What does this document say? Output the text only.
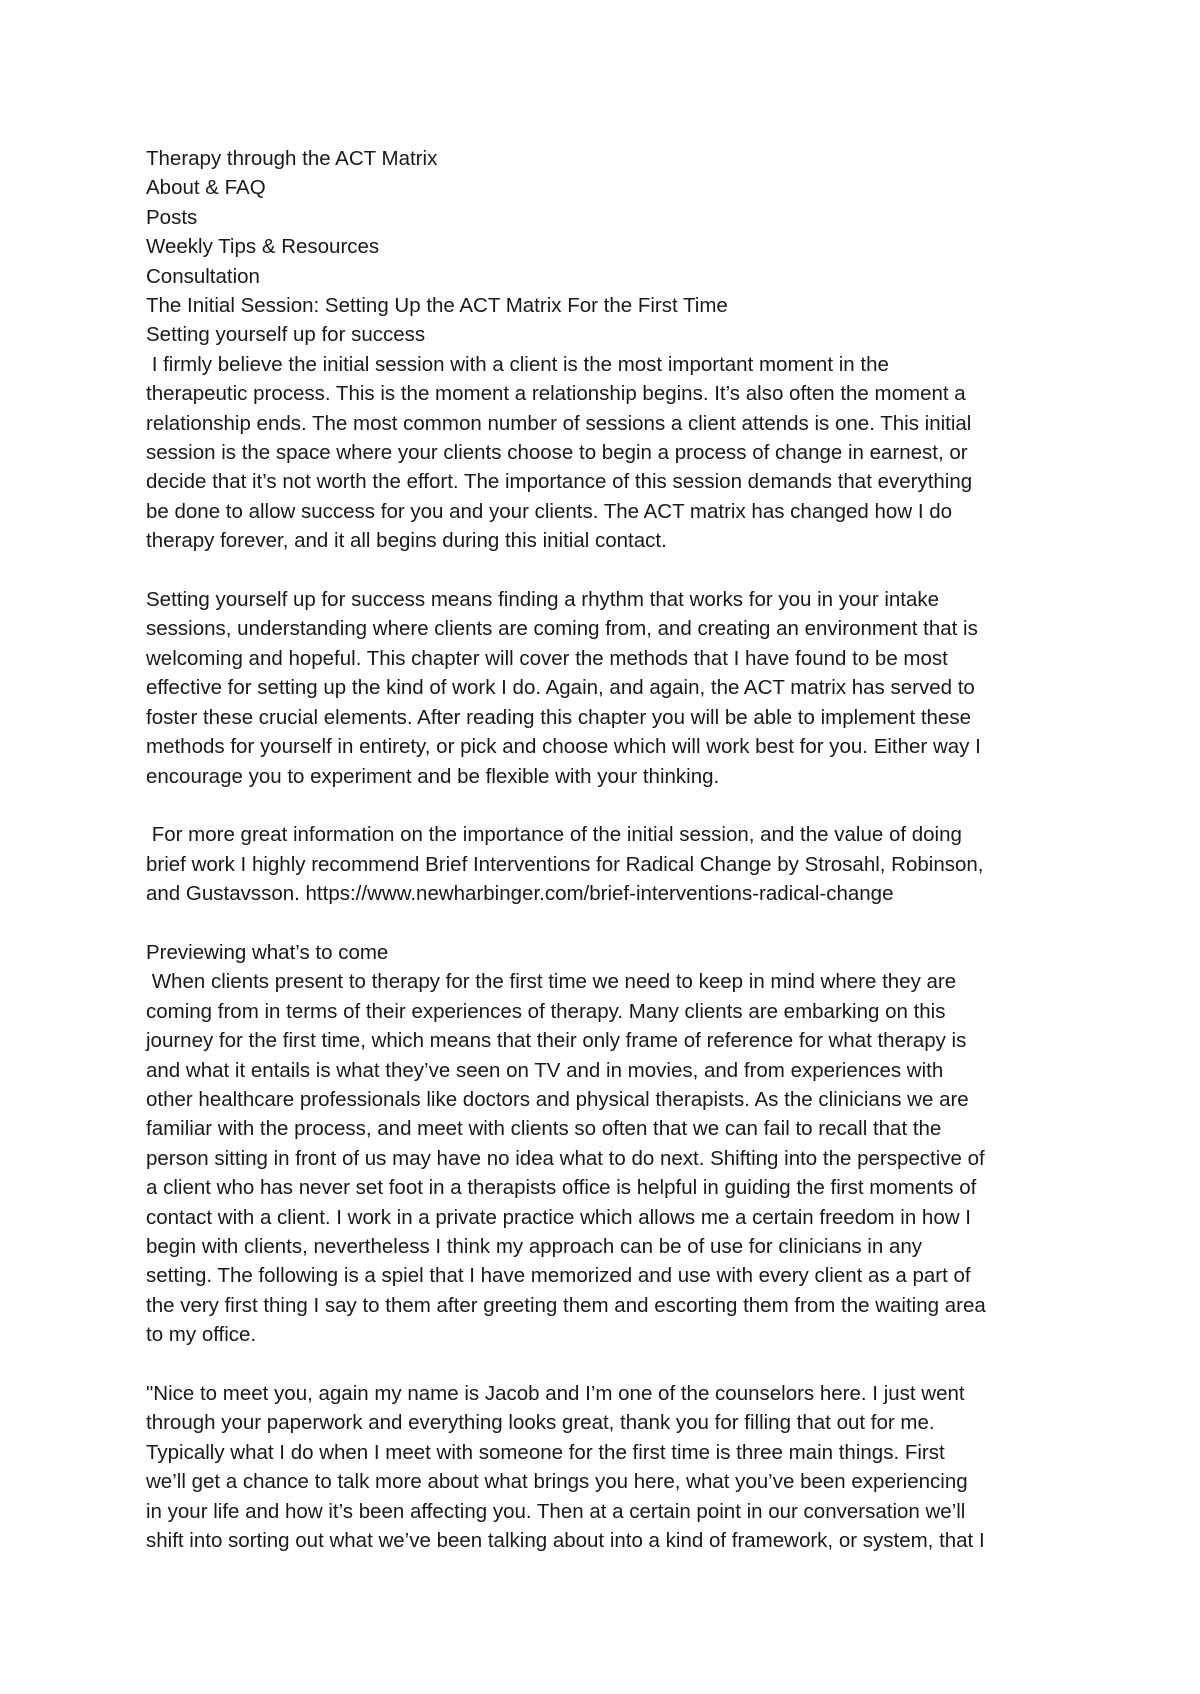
Therapy through the ACT Matrix
About & FAQ
Posts
Weekly Tips & Resources
Consultation
The Initial Session: Setting Up the ACT Matrix For the First Time
Setting yourself up for success
I firmly believe the initial session with a client is the most important moment in the
therapeutic process. This is the moment a relationship begins. It’s also often the moment a
relationship ends. The most common number of sessions a client attends is one. This initial
session is the space where your clients choose to begin a process of change in earnest, or
decide that it’s not worth the effort. The importance of this session demands that everything
be done to allow success for you and your clients. The ACT matrix has changed how I do
therapy forever, and it all begins during this initial contact.
Setting yourself up for success means finding a rhythm that works for you in your intake
sessions, understanding where clients are coming from, and creating an environment that is
welcoming and hopeful. This chapter will cover the methods that I have found to be most
effective for setting up the kind of work I do. Again, and again, the ACT matrix has served to
foster these crucial elements. After reading this chapter you will be able to implement these
methods for yourself in entirety, or pick and choose which will work best for you. Either way I
encourage you to experiment and be flexible with your thinking.
For more great information on the importance of the initial session, and the value of doing
brief work I highly recommend Brief Interventions for Radical Change by Strosahl, Robinson,
and Gustavsson. https://www.newharbinger.com/brief-interventions-radical-change
Previewing what’s to come
When clients present to therapy for the first time we need to keep in mind where they are
coming from in terms of their experiences of therapy. Many clients are embarking on this
journey for the first time, which means that their only frame of reference for what therapy is
and what it entails is what they’ve seen on TV and in movies, and from experiences with
other healthcare professionals like doctors and physical therapists. As the clinicians we are
familiar with the process, and meet with clients so often that we can fail to recall that the
person sitting in front of us may have no idea what to do next. Shifting into the perspective of
a client who has never set foot in a therapists office is helpful in guiding the first moments of
contact with a client. I work in a private practice which allows me a certain freedom in how I
begin with clients, nevertheless I think my approach can be of use for clinicians in any
setting. The following is a spiel that I have memorized and use with every client as a part of
the very first thing I say to them after greeting them and escorting them from the waiting area
to my office.
"Nice to meet you, again my name is Jacob and I’m one of the counselors here. I just went
through your paperwork and everything looks great, thank you for filling that out for me.
Typically what I do when I meet with someone for the first time is three main things. First
we’ll get a chance to talk more about what brings you here, what you’ve been experiencing
in your life and how it’s been affecting you. Then at a certain point in our conversation we’ll
shift into sorting out what we’ve been talking about into a kind of framework, or system, that I
